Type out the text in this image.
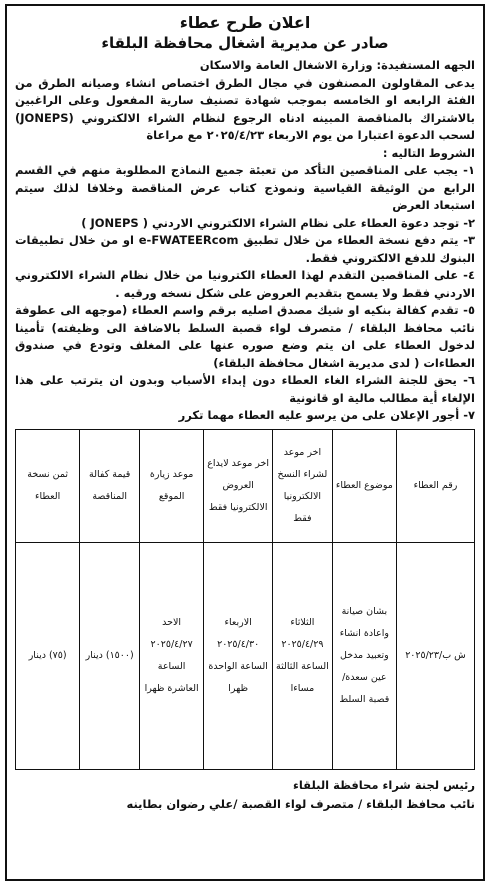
اعلان طرح عطاء
صادر عن مديرية اشغال محافظة البلقاء

الجهه المستفيدة: وزارة الاشغال العامة والاسكان

يدعى المقاولون المصنفون في مجال الطرق اختصاص انشاء وصيانه الطرق من الفئة الرابعه او الخامسه بموجب شهادة تصنيف سارية المفعول وعلى الراغبين بالاشتراك بالمناقصة المبينه ادناه الرجوع لنظام الشراء الالكتروني (JONEPS) لسحب الدعوة اعتبارا من يوم الاربعاء ٢٠٢٥/٤/٢٣ مع مراعاة

الشروط التاليه :

١- يجب على المناقصين التأكد من تعبئة جميع النماذج المطلوبة منهم في القسم الرابع من الوثيقة القياسية ونموذج كتاب عرض المناقصة وخلافا لذلك سيتم استبعاد العرض

٢- توجد دعوة العطاء على نظام الشراء الالكتروني الاردني ( JONEPS )

٣- يتم دفع نسخة العطاء من خلال تطبيق e-FWATEERcom او من خلال تطبيقات البنوك للدفع الالكتروني فقط.

٤- على المناقصين التقدم لهذا العطاء الكترونيا من خلال نظام الشراء الالكتروني الاردني فقط ولا يسمح بتقديم العروض على شكل نسخه ورقيه .

٥- تقدم كفالة بنكيه او شيك مصدق اصليه برقم واسم العطاء (موجهه الى عطوفة نائب محافظ البلقاء / متصرف لواء قصبة السلط بالاضافة الى وظيفته) تأمينا لدخول العطاء على ان يتم وضع صوره عنها على المغلف وتودع في صندوق العطاءات ( لدى مديرية اشغال محافظة البلقاء)

٦- يحق للجنة الشراء الغاء العطاء دون إبداء الأسباب وبدون ان يترتب على هذا الإلغاء أية مطالب مالية او قانونية

٧- أجور الإعلان على من يرسو عليه العطاء مهما تكرر

رقم العطاء	موضوع العطاء	اخر موعد لشراء النسخ الالكترونيا فقط	اخر موعد لايداع العروض الالكترونيا فقط	موعد زيارة الموقع	قيمة كفالة المناقصة	ثمن نسخة العطاء
ش ب/٢٠٢٥/٢٣	بشان صيانة واعادة انشاء وتعبيد مدخل عين سعدة/ قصبة السلط	الثلاثاء ٢٠٢٥/٤/٢٩ الساعة الثالثة مساءا	الاربعاء ٢٠٢٥/٤/٣٠ الساعة الواحدة ظهرا	الاحد ٢٠٢٥/٤/٢٧ الساعة العاشرة ظهرا	(١٥٠٠) دينار	(٧٥) دينار
رئيس لجنة شراء محافظة البلقاء
نائب محافظ البلقاء / متصرف لواء القصبة /علي رضوان بطاينه
